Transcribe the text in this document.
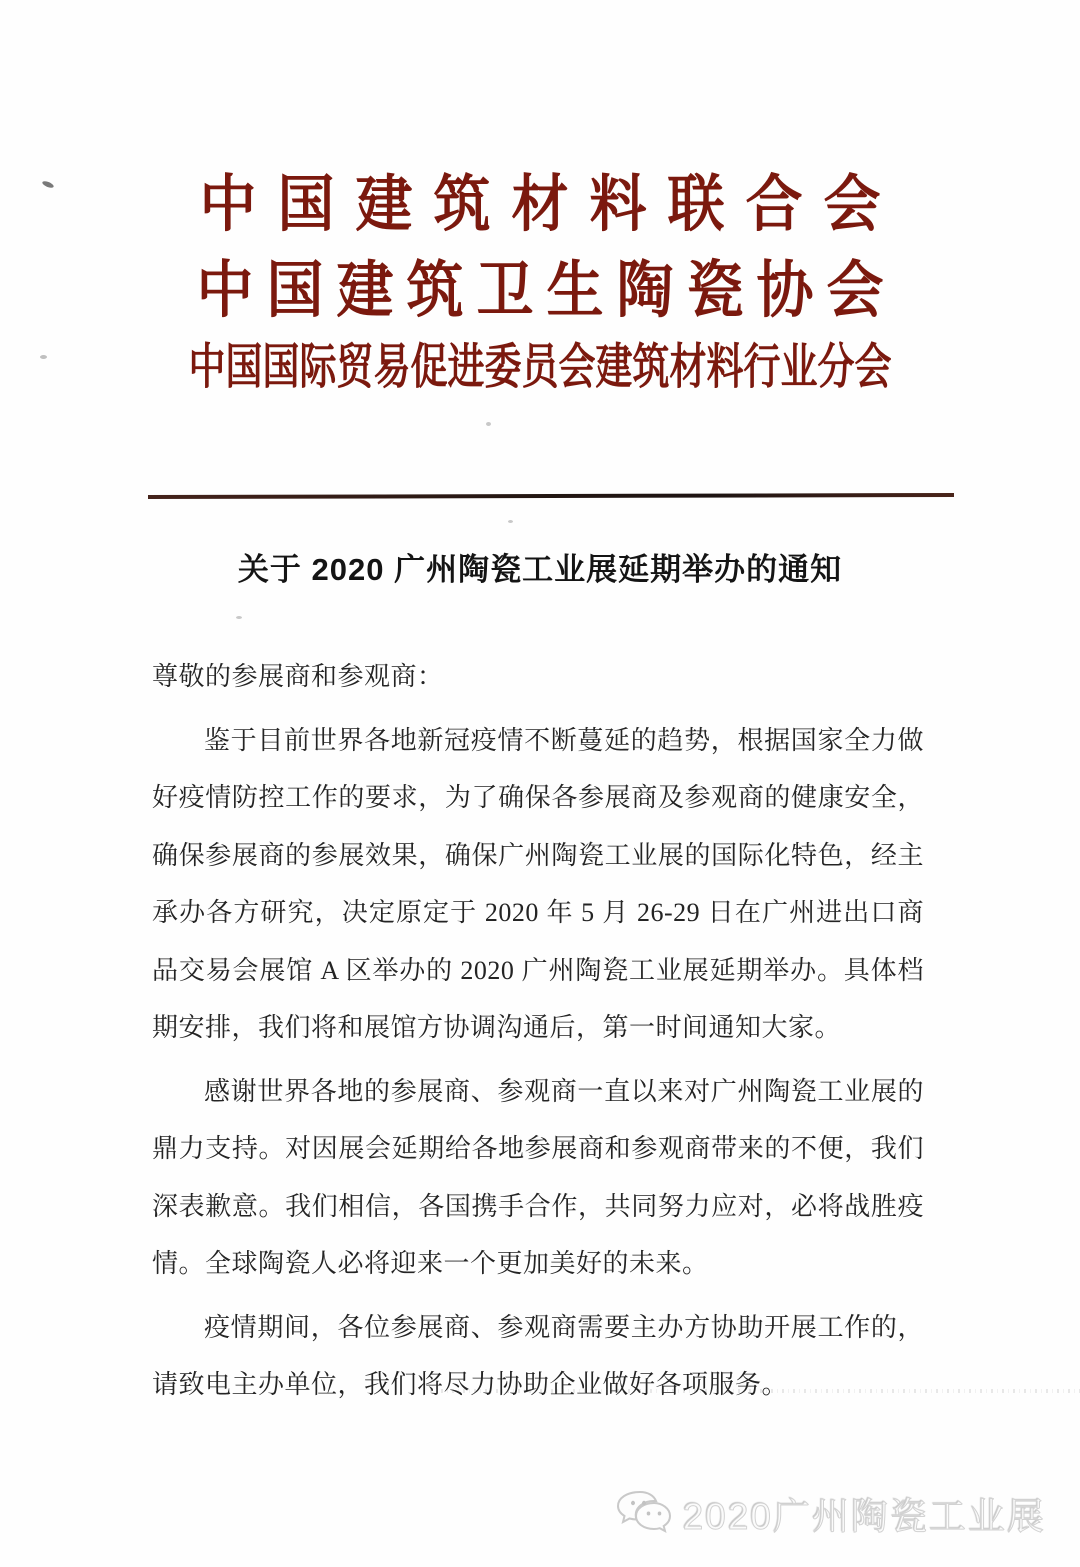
中国建筑材料联合会
中国建筑卫生陶瓷协会
中国国际贸易促进委员会建筑材料行业分会
关于 2020 广州陶瓷工业展延期举办的通知

尊敬的参展商和参观商：

鉴于目前世界各地新冠疫情不断蔓延的趋势，根据国家全力做好疫情防控工作的要求，为了确保各参展商及参观商的健康安全，确保参展商的参展效果，确保广州陶瓷工业展的国际化特色，经主承办各方研究，决定原定于 2020 年 5 月 26-29 日在广州进出口商品交易会展馆 A 区举办的 2020 广州陶瓷工业展延期举办。具体档期安排，我们将和展馆方协调沟通后，第一时间通知大家。

感谢世界各地的参展商、参观商一直以来对广州陶瓷工业展的鼎力支持。对因展会延期给各地参展商和参观商带来的不便，我们深表歉意。我们相信，各国携手合作，共同努力应对，必将战胜疫情。全球陶瓷人必将迎来一个更加美好的未来。

疫情期间，各位参展商、参观商需要主办方协助开展工作的，请致电主办单位，我们将尽力协助企业做好各项服务。

2020广州陶瓷工业展
